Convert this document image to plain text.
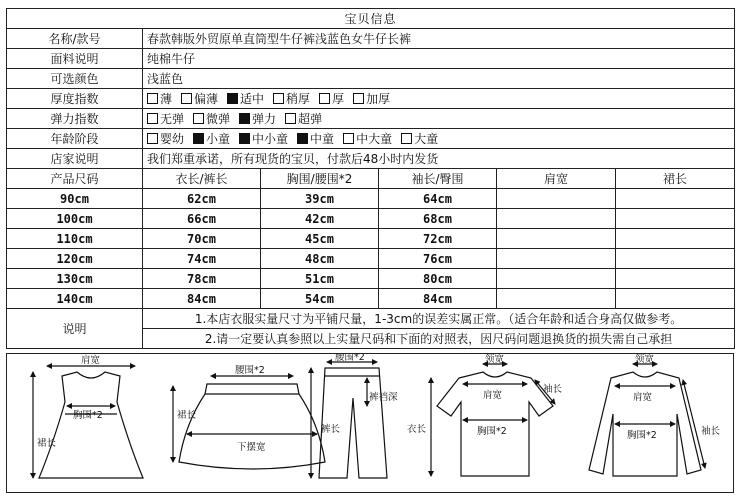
宝贝信息					
名称/款号	春款韩版外贸原单直筒型牛仔裤浅蓝色女牛仔长裤				
面料说明	纯棉牛仔				
可选颜色	浅蓝色				
厚度指数	薄 偏薄 适中 稍厚 厚 加厚				
弹力指数	无弹 微弹 弹力 超弹				
年龄阶段	婴幼 小童 中小童 中童 中大童 大童				
店家说明	我们郑重承诺，所有现货的宝贝，付款后48小时内发货				
产品尺码	衣长/裤长	胸围/腰围*2	袖长/臀围	肩宽	裙长
90cm	62cm	39cm	64cm		
100cm	66cm	42cm	68cm		
110cm	70cm	45cm	72cm		
120cm	74cm	48cm	76cm		
130cm	78cm	51cm	80cm		
140cm	84cm	54cm	84cm		
说明	1.本店衣服实量尺寸为平铺尺量，1-3cm的误差实属正常。（适合年龄和适合身高仅做参考。				
	2.请一定要认真参照以上实量尺码和下面的对照表，因尺码问题退换货的损失需自己承担				
肩宽
胸围*2
裙长
腰围*2
裙长
下摆宽
腰围*2
裤长
裤裆深
领宽
肩宽
袖长
胸围*2
衣长
领宽
肩宽
胸围*2	袖长
